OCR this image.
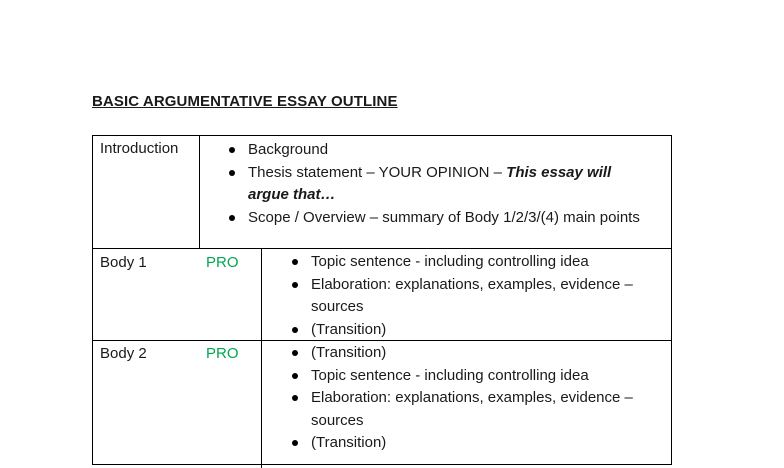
BASIC ARGUMENTATIVE ESSAY OUTLINE
Introduction	Background
Thesis statement – YOUR OPINION – This essay will argue that…
Scope / Overview – summary of Body 1/2/3/(4) main points
Body 1	PRO	Topic sentence - including controlling idea
Elaboration: explanations, examples, evidence – sources
(Transition)
Body 2	PRO	(Transition)
Topic sentence - including controlling idea
Elaboration: explanations, examples, evidence – sources
(Transition)
